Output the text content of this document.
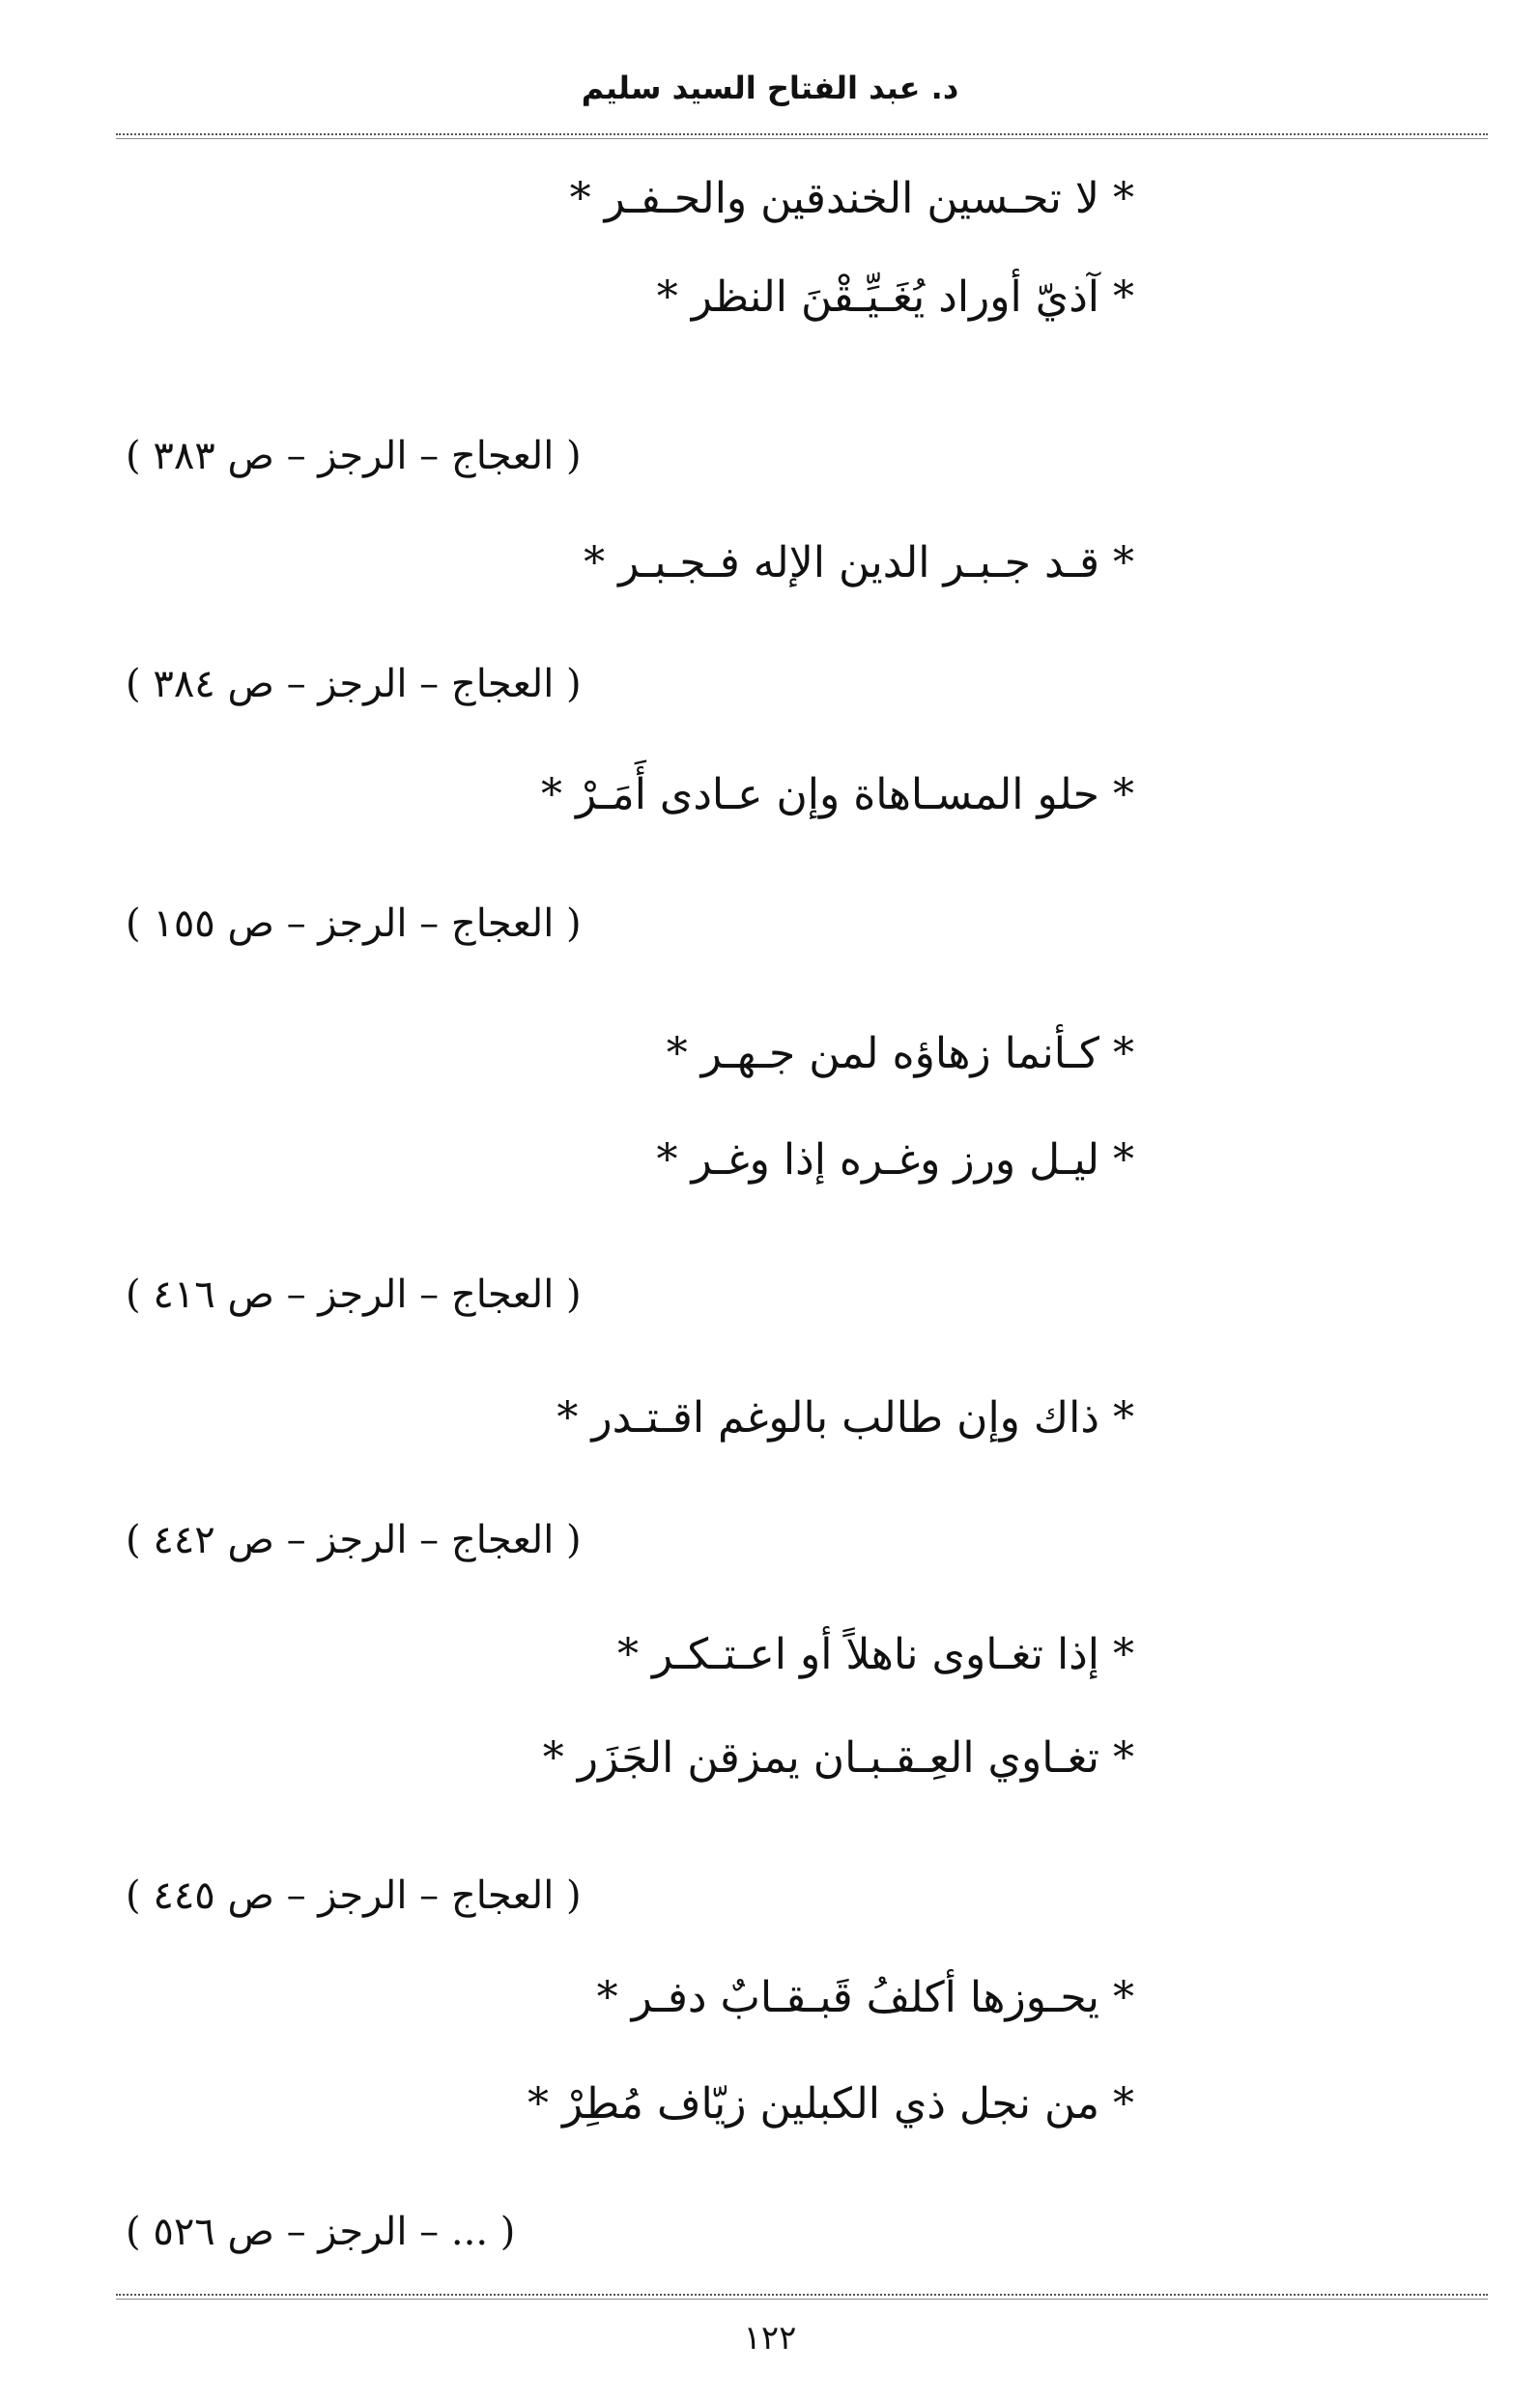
د. عبد الفتاح السيد سليم
* لا تحـسين الخندقين والحـفـر *
* آذيّ أوراد يُغَـيِّـقْنَ النظر *
( العجاج – الرجز – ص ٣٨٣ )
* قـد جـبـر الدين الإله فـجـبـر *
( العجاج – الرجز – ص ٣٨٤ )
* حلو المسـاهاة وإن عـادى أَمَـرْ *
( العجاج – الرجز – ص ١٥٥ )
* كـأنما زهاؤه لمن جـهـر *
* ليـل ورز وغـره إذا وغـر *
( العجاج – الرجز – ص ٤١٦ )
* ذاك وإن طالب بالوغم اقـتـدر *
( العجاج – الرجز – ص ٤٤٢ )
* إذا تغـاوى ناهلاً أو اعـتـكـر *
* تغـاوي العِـقـبـان يمزقن الجَزَر *
( العجاج – الرجز – ص ٤٤٥ )
* يحـوزها أكلفُ قَبـقـابٌ دفـر *
* من نجل ذي الكبلين زيّاف مُطِرْ *
( ... – الرجز – ص ٥٢٦ )
١٢٢
